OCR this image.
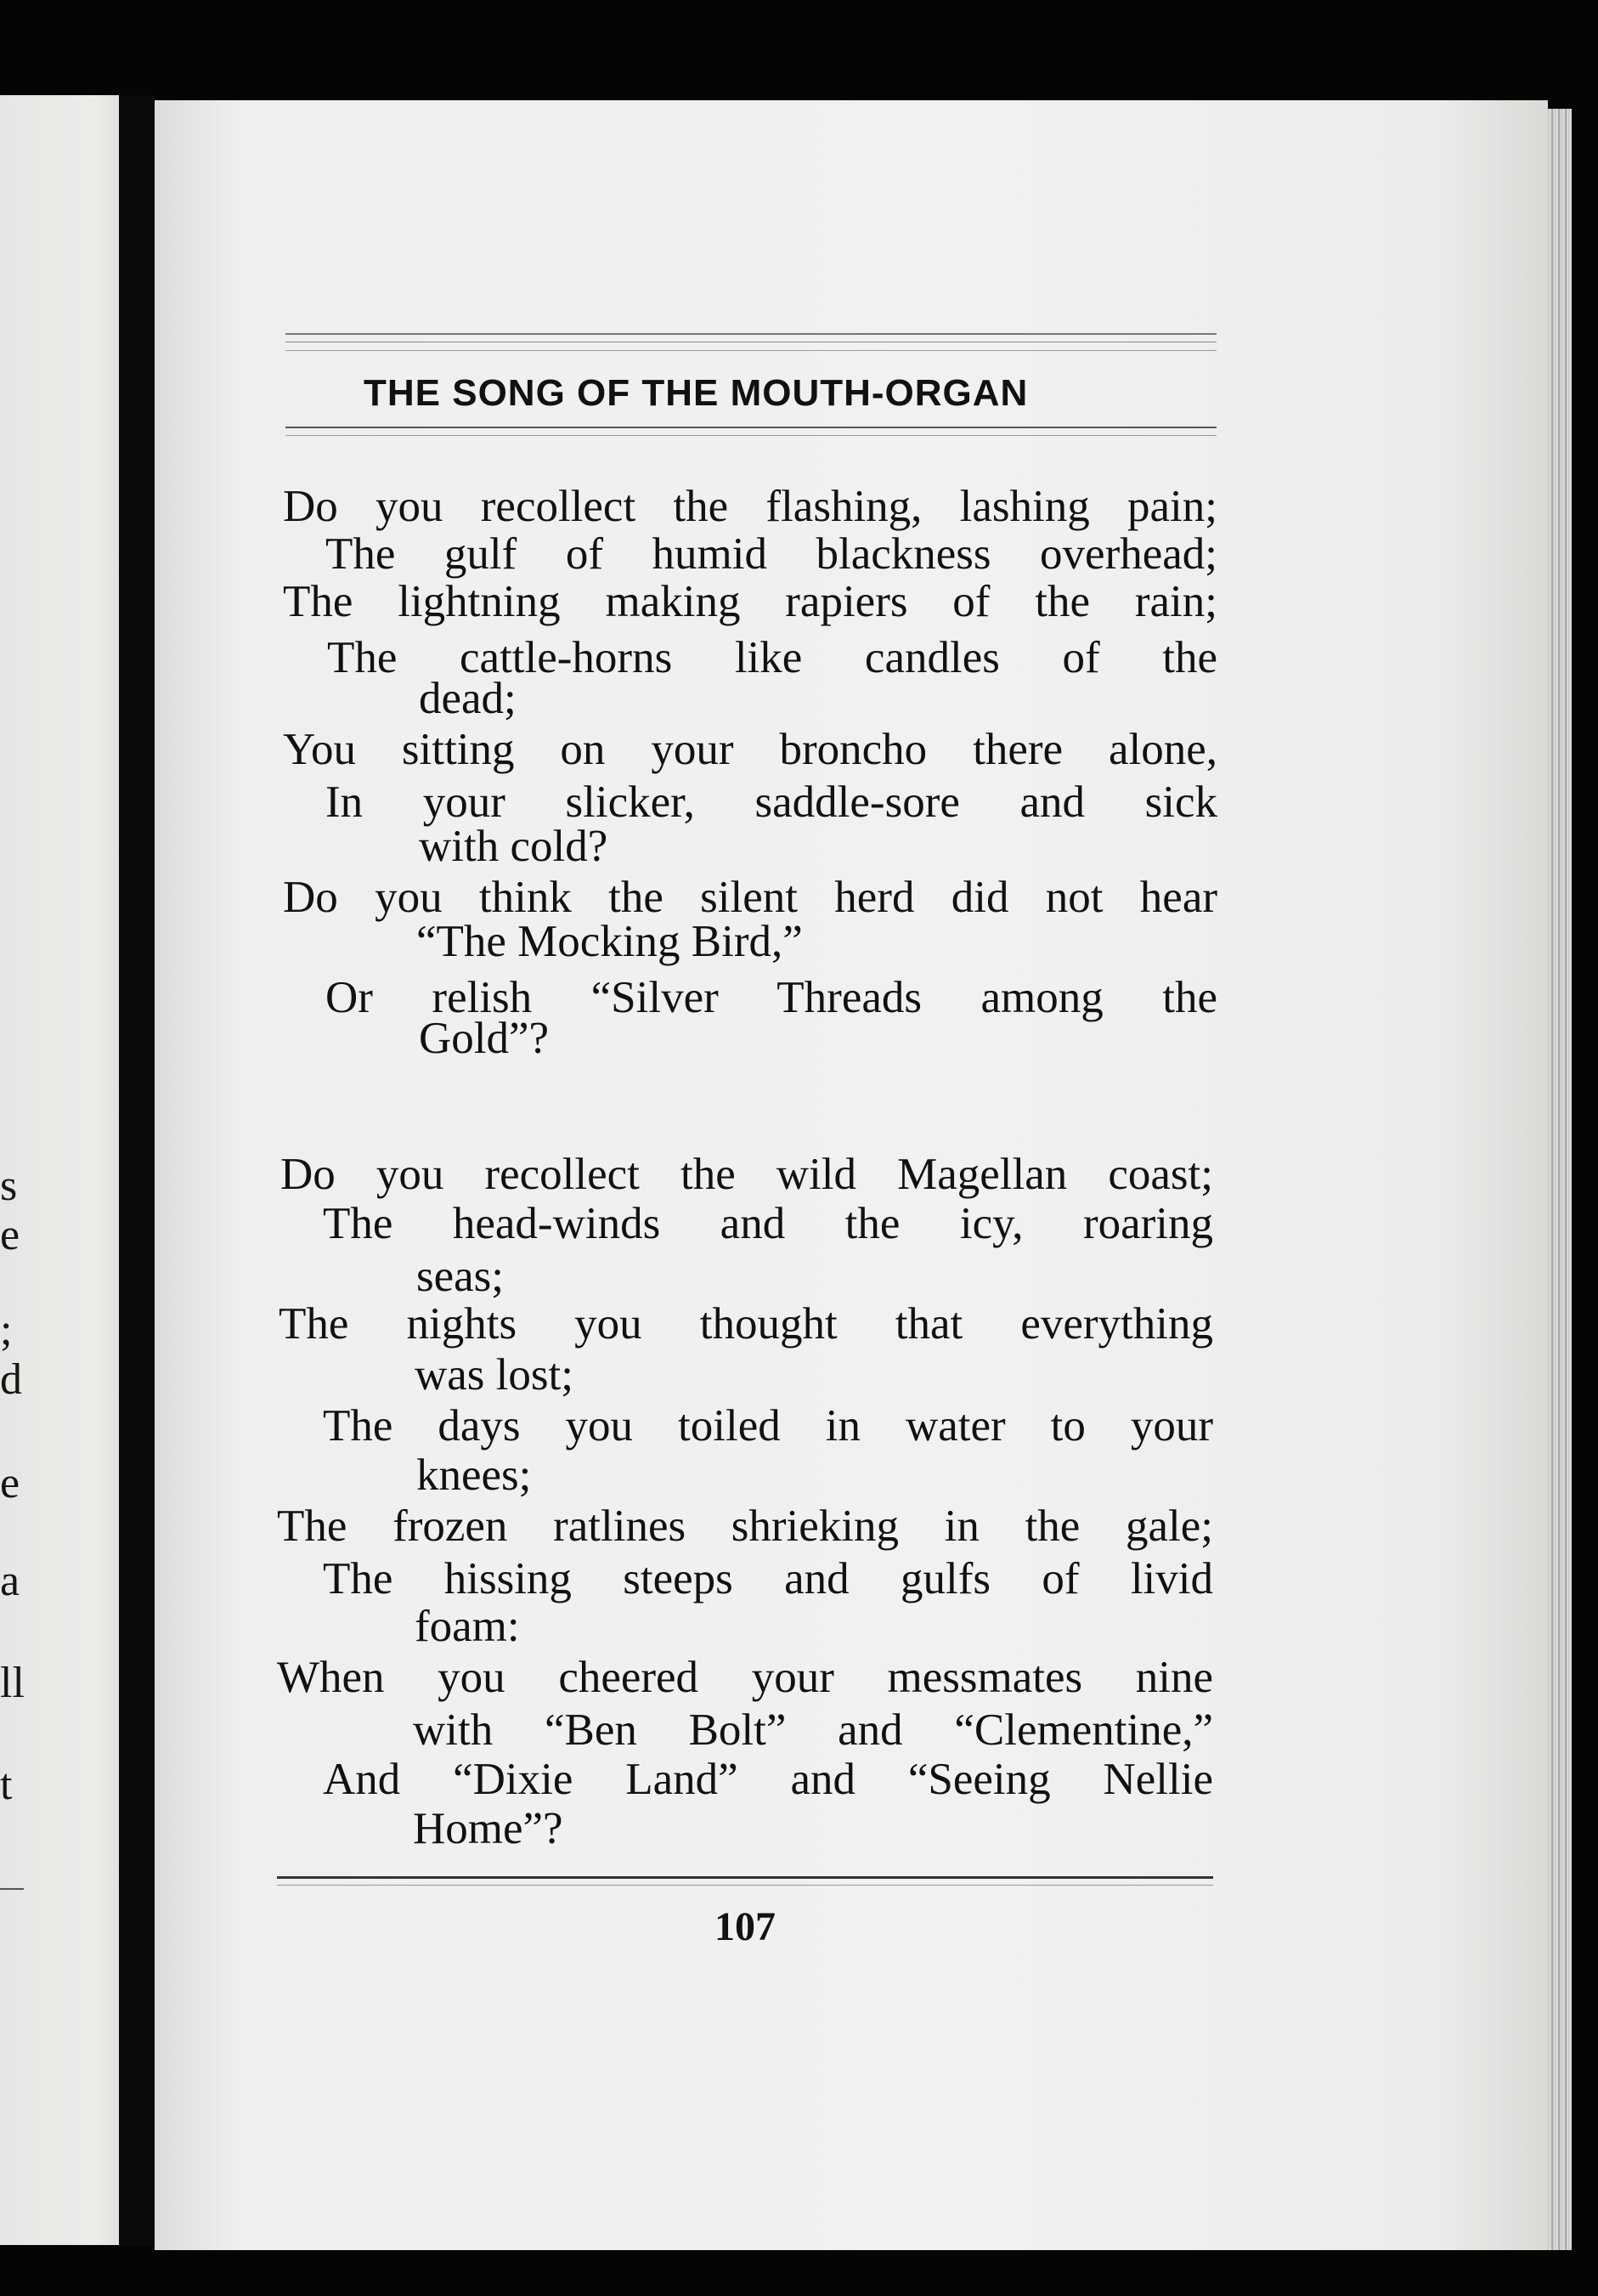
s
e
;
d
e
a
ll
t
THE SONG OF THE MOUTH-ORGAN
Do you recollect the flashing, lashing pain;
The gulf of humid blackness overhead;
The lightning making rapiers of the rain;
The cattle-horns like candles of the
dead;
You sitting on your broncho there alone,
In your slicker, saddle-sore and sick
with cold?
Do you think the silent herd did not hear
“The Mocking Bird,”
Or relish “Silver Threads among the
Gold”?
Do you recollect the wild Magellan coast;
The head-winds and the icy, roaring
seas;
The nights you thought that everything
was lost;
The days you toiled in water to your
knees;
The frozen ratlines shrieking in the gale;
The hissing steeps and gulfs of livid
foam:
When you cheered your messmates nine
with “Ben Bolt” and “Clementine,”
And “Dixie Land” and “Seeing Nellie
Home”?
107
